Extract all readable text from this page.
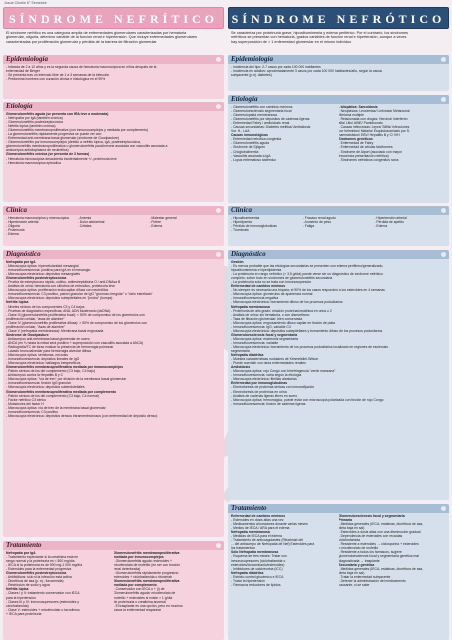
Josue Chuble 6° Semestre
SÍNDROME NEFRÍTICO
El síndrome nefrítico es una categoría amplia de enfermedades glomerulares caracterizadas por hematuria
glomerular, oliguria, deterioro variable de la función renal e hipertensión. Que incluye enfermedades glomerulares
caracterizadas por proliferación glomerular y pérdida de la barrera de filtración glomerular
Epidemiología
- Infancia de 2 a 12 años y es la segunda causa de hematuria macroscópica en niños después de la
enfermedad de Berger
- Se presenta tras un intervalo libre de 1 a 3 semanas de la infección
- Predomina hombres con curación clínica e histológica en el 90%
Etiología
Glomerulonefritis aguda (se presenta con IRA leve a moderada)
- Nefropatía por IgA (también crónica)
- Glomerulonefritis postestreptocócica
- Nefritis lúpica (también crónica)
- Glomerulonefritis membranoproliferativa (con inmunocomplejos y mediada por complemento)
- La glomerulonefritis rápidamente progresiva se puede ver con:
◦ Enfermedad anti-membrana basal glomerular (síndrome de Goodpasture)
◦ Glomerulonefritis por inmunocomplejos (debido a nefritis lúpica, IgA, postestreptocócica,
glomerulonefritis membranoproliferativa o glomerulonefritis pauciinmune asociada con vasculitis asociada a
anticuerpos anticitoplasma de neutrófilos)
Glomerulonefritis crónica (se presenta de 3 formas)
- Hematuria microscópica descubierta incidentalmente +/- proteinuria leve
- Hematuria macroscópica episódica
Clínica
- Hematuria macroscópica y microscópica
- Hipertensión arterial
- Oliguria
- Proteinuria
- Edema
- Anemia
- Dolor abdominal
- Cefalea
- Malestar general
- Fiebre
- Edema
Diagnóstico
Nefropatía por IgA
- Microscopía óptica: hipercelularidad mesangial
- Inmunofluorescencia: positiva para IgA en el mesangio
- Microscopía electrónica: depósitos mesangiales
Glomerulonefritis postestreptocócica
- Prueba de estreptococo rápido, cultivo, antiestreptolisina O / anti-DNAsa B
- Análisis de orina: hematuria con cilindros de eritrocitos, proteinuria leve
- Microscopía óptica: proliferación endocapilar difusa con neutrófilos
- Inmunofluorescencia: C3 positivo, patrón granular de IgG "grumoso irregular" o "cielo estrellado"
- Microscopía electrónica: depósitos subepiteliales en "joroba" (humps)
Nefritis lúpica
- Niveles séricos de los componentes C3 y C4 bajos
- Pruebas de diagnóstico específicas: ANA, ADN bicatenario (dsDNA)
- Clase III (glomerulonefritis proliferativa focal): < 50% de compromiso de los glomérulos con
proliferación celular, "asas de alambre"
- Clase IV (glomerulonefritis proliferativa difusa): > 50% de compromiso de los glomérulos con
proliferación celular, "Asas de alambre"
- Clase V (nefropatía membranosa): Membrana basal engrosada
Síndrome de Goodpasture
- Anticuerpos anti-membrana basal glomerular en suero
- ANCA (en ⅓ hasta la mitad será positivo + superposición con vasculitis asociada a ANCA)
- Radiografía/TC de tórax evaluar la presencia de hemorragia pulmonar
- Lavado broncoalveolar para hemorragia alveolar difusa
- Microscopía óptica: semilunas, necrosis
- Inmunofluorescencia: depósitos lineales de IgG
- Microscopía electrónica: hallazgos inespecíficos
Glomerulonefritis membranoproliferativa mediada por inmunocomplejos
- Patrón séricos de los del complemento (C3 bajo, C4 bajo)
- Anticuerpos contra la Hepatitis B y C
- Microscopía óptica: "vía de tren" por división de la membrana basal glomerular
- Inmunofluorescencia: tinción IgG granular
- Microscopía electrónica: depósitos subendoteliales
Glomerulonefritis membranoproliferativa mediada por complemento
- Patrón séricos de los del complemento (C3 bajo, C4 normal)
- Factor nefrítico C3 sérico
- Mutaciones del factor H
- Microscopía óptica: vía de tren de la membrana basal glomerular
- Inmunofluorescencia: C3 positivo
- Microscopía electrónica: depósitos densos intramembranosos (con enfermedad de depósito denso)
Tratamiento
Nefropatía por IgA
- Tratamiento expectante si la creatinina está en
rango normal y la proteinuria es < 500 mg/día
- IECA si la proteinuria es de 500 mg-1 000 mg/día
- Esteroides para la enfermedad progresiva
Glomerulonefritis postestreptocócica
- Antibióticos: sólo si la infección está activa
- Diuréticos de asa (p. ej., furosemida)
- Restricción de sodio y agua
Nefritis lúpica
- Clases I y II: tratamiento conservador con IECA
para la hipertensión
- Clases III y IV: inmunosupresores (esteroides y
ciclofosfamida)
- Clase V: esteroides + micofenolato o tacrolimus
+ IECA para proteinuria
Glomerulonefritis membranoproliferativa
mediada por inmunocomplejos
- Glomerulonefritis aguda: esteroides +
micofenolato de mofetilo (en ser con función
renal deteriorada)
- Glomerulonefritis rápidamente progresiva:
esteroides + ciclofosfamida o rituximab
Glomerulonefritis membranoproliferativa
mediada por complemento
- Conservador con IECA o + (i) de
Glomerulonefritis aguda: micofenolato de
mofetilo + esteroides si existe > 1 g/día
de proteinuria o creatinina anormal
- El trasplante es una opción, pero en muchos
casos la enfermedad reaparece
SÍNDROME NEFRÓTICO
Se caracteriza por proteinuria grave, hipoalbuminemia y edema periférico. Por el contrario, los síndromes
nefríticos se presentan con hematuria, grados variables de función renal e hipertensión, aunque a veces
hay superposición de > 1 enfermedad glomerular en el mismo individuo
Epidemiología
- Incidencia del tipo: 2-7 casos por cada 100 000 habitantes
- Incidencia en adultos: aproximadamente 3 casos por cada 100 000 habitantes/año, según la causa
subyacente (p.ej. diabetes)
Etiología
- Glomerulonefritis con cambios mínimos
- Glomeruloesclerosis segmentaria focal
- Glomerulopatía membranosa
- Glomerulonefritis por depósitos de cadenas ligeras
- Enfermedad Fabry / amiloidosis renal
- Causas secundarias: Diabetes mellitus/ Amiloidosis
Vsr. H., LAA
Causas inmunológicas
- Enfermedad nefrótica congénita
- Glomerulonefritis aguda
- Síndrome de Sjögren
- Crioglobulinemia
- Vasculitis asociada a IgA
- Lupus eritematoso sistémico
- Idiopática: Sarcoidosis
- Neoplásica: Leucemias/ Linfomas/ Melanoma/
Mieloma múltiple
- Relacionada con drogas: Heroína/ Interferón
alfa/ Litio/ AINE/ Pamidronato
- Causas infecciosas: Lepra/ Sífilis/ Infecciones
por helmintos/ Malaria/ Esquistosomiasis por S.
haematobium/ EBV/ Hepatitis B y C/ VIH
Síndromes genéticos
- Enfermedad de Fabry
- Enfermedad de células falciformes
- Síndrome de Alport (asociado con mayor
frecuencia presentación nefrítica)
- Síndromes nefróticos congénitos raros
Clínica
- Hipoalbuminemia
- Hiperlipemia
- Pérdida de inmunoglobulinas
- Trombosis
- Fracaso renal agudo
- Aumento de peso
- Fatiga
- Hipertensión arterial
- Pérdida de apetito
- Edema
Diagnóstico
Gestión
- Es menos probable que las etiologías secundarias se presenten con edema periférico/generalizado,
hipoalbuminemia e hiperlipidemia
- La proteinuria en rango nefrótico (> 3,5 g/día) puede verse sin un diagnóstico de síndrome nefrótico
completo, sobre todo en síndromes de glomerulonefritis secundaria
- La proteinuria sola no se trata con inmunosupresión
Enfermedad de cambios mínimos
- No siempre es necesaria una biopsia; el 90% de los casos responden a los esteroides en 4 semanas
- Microscopía óptica: glomérulos de apariencia normal
- Inmunofluorescencia negativa
- Microscopía electrónica: borramiento difuso de los procesos podocitarios
Nefropatía membranosa
- Proteinuria de alto grado: relación proteína/creatinina en orina ≥ 2
- Análisis de orina: sin hematuria, o con dismorfismo
- Tasa de filtración glomerular: bien conservada
- Microscopía óptica: engrosamiento difuso capilar en tinción de plata
- Inmunofluorescencia: IgG, variable C3
- Microscopía electrónica: depósitos subepiteliales y borramiento difuso de los procesos podocitarios
Glomeruloesclerosis focal y segmentaria
- Microscopía óptica: esclerosis segmentaria
- Inmunofluorescencia: variable
- Microscopía electrónica: borramiento de los procesos podocitarios localizado en regiones de esclerosis
segmentaria
Nefropatía diabética
- Muestra características nodulares de Kimmelstiel-Wilson
- Puede coexistir con otras enfermedades renales
Amiloidosis
- Microscopía óptica: rojo Congo con birrefringencia "verde manzana"
- Inmunofluorescencia: varía según la etiología
- Microscopía electrónica: fibrillas aleatorias
Enfermedad por inmunoglobulinas
- Electroforesis de proteínas séricas con inmunofijación
- Electroforesis de proteínas en orina
- Análisis de cadenas ligeras libres en suero
- Microscopía óptica: hemorrágica, puede estar con microscopía polarizada con tinción de rojo Congo
- Inmunofluorescencia: tinción de cadenas ligeras
Tratamiento
Enfermedad de cambios mínimos
- Esteroides en dosis altas una vez
- Medicamentos ahorradores durante varias meses
- Medios de IECA / ARA para el edema
Nefropatía membranosa
- Medidas de IECA para el edema
- Tratamiento de anticoagulantes (Rituximab del
... del anticuerpo de Nefropatía de Nef) Esteroides para
los tratamientos
Sólo Nefropatía membranosa
- Esquema de tres meses: Tratar con
inmunosupresores (ciclofosfamida o
esteroides/clorambucilo/esteroides)
- Inhibidores de calcineurina (ICC)
Nefropatía diabética
- Estricto control glucémico e IECA
- Tratar la hipertensión
- Fármacos reductores de lípidos
Glomeruloesclerosis focal y segmentaria
Primaria
- Medidas generales (IECA, estatinas, diuréticos de asa,
dieta baja en sal)
- Esteroides a dosis altas con una disminución gradual
- Dependencia de esteroides con recaídas
ciclofosfamida
- Resistente a esteroides → ciclosporina + esteroides
o micofenolato de mofetilo
- Resistente a todos los fármacos, sugiere
glomeruloesclerosis focal y segmentaria genética mal
diagnosticada → trasplante
Secundaria y genética
- Medidas generales (IECA, estatinas, diuréticos de asa,
dieta baja en sal)
- Tratar la enfermedad subyacente
- Detener la administración del medicamento
causante, si se sabe
